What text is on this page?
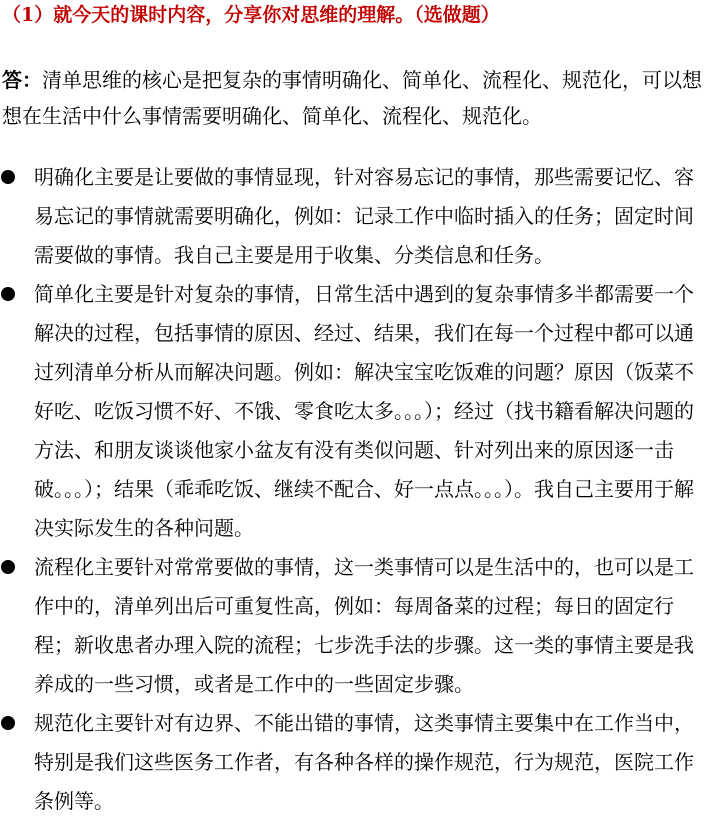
（1）就今天的课时内容，分享你对思维的理解。（选做题）

答：清单思维的核心是把复杂的事情明确化、简单化、流程化、规范化，可以想想在生活中什么事情需要明确化、简单化、流程化、规范化。

明确化主要是让要做的事情显现，针对容易忘记的事情，那些需要记忆、容易忘记的事情就需要明确化，例如：记录工作中临时插入的任务；固定时间需要做的事情。我自己主要是用于收集、分类信息和任务。
简单化主要是针对复杂的事情，日常生活中遇到的复杂事情多半都需要一个解决的过程，包括事情的原因、经过、结果，我们在每一个过程中都可以通过列清单分析从而解决问题。例如：解决宝宝吃饭难的问题？原因（饭菜不好吃、吃饭习惯不好、不饿、零食吃太多。。。）；经过（找书籍看解决问题的方法、和朋友谈谈他家小盆友有没有类似问题、针对列出来的原因逐一击破。。。）；结果（乖乖吃饭、继续不配合、好一点点。。。）。我自己主要用于解决实际发生的各种问题。
流程化主要针对常常要做的事情，这一类事情可以是生活中的，也可以是工作中的，清单列出后可重复性高，例如：每周备菜的过程；每日的固定行程；新收患者办理入院的流程；七步洗手法的步骤。这一类的事情主要是我养成的一些习惯，或者是工作中的一些固定步骤。
规范化主要针对有边界、不能出错的事情，这类事情主要集中在工作当中，特别是我们这些医务工作者，有各种各样的操作规范，行为规范，医院工作条例等。
